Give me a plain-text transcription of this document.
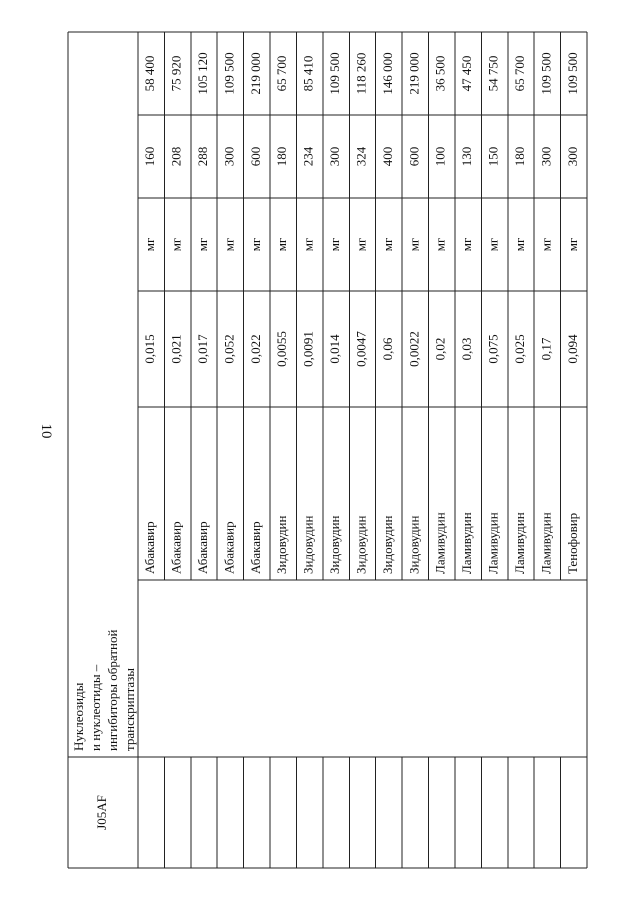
10
J05AF
Нуклеозиды и нуклеотиды – ингибиторы обратной транскриптазы
Абакавир
0,015
мг
160
58 400
Абакавир
0,021
мг
208
75 920
Абакавир
0,017
мг
288
105 120
Абакавир
0,052
мг
300
109 500
Абакавир
0,022
мг
600
219 000
Зидовудин
0,0055
мг
180
65 700
Зидовудин
0,0091
мг
234
85 410
Зидовудин
0,014
мг
300
109 500
Зидовудин
0,0047
мг
324
118 260
Зидовудин
0,06
мг
400
146 000
Зидовудин
0,0022
мг
600
219 000
Ламивудин
0,02
мг
100
36 500
Ламивудин
0,03
мг
130
47 450
Ламивудин
0,075
мг
150
54 750
Ламивудин
0,025
мг
180
65 700
Ламивудин
0,17
мг
300
109 500
Тенофовир
0,094
мг
300
109 500
